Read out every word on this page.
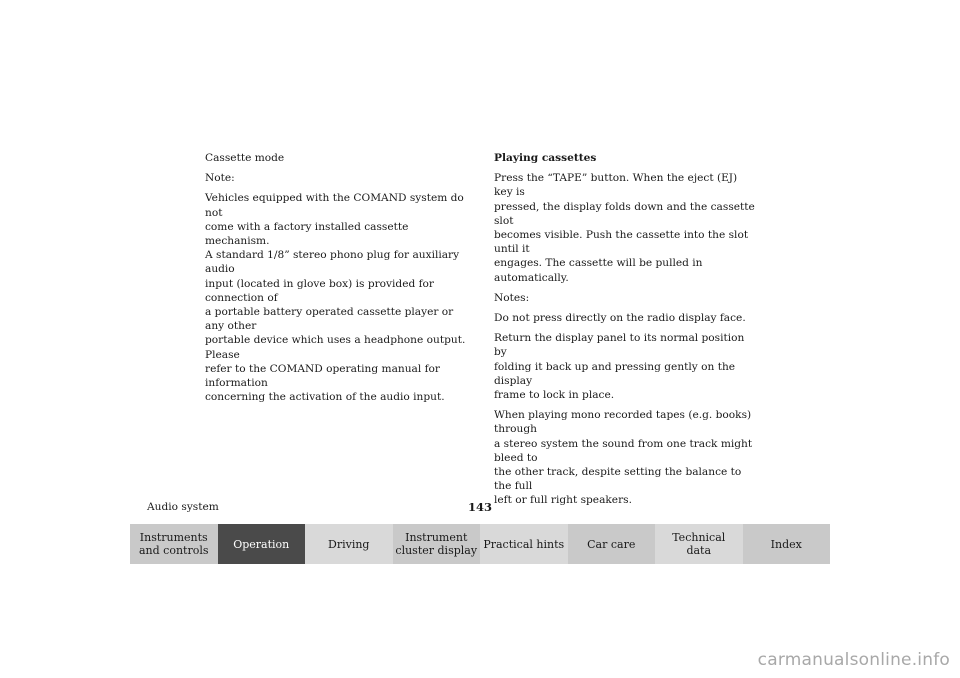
Cassette mode

Note:

Vehicles equipped with the COMAND system do not
come with a factory installed cassette mechanism.
A standard 1/8” stereo phono plug for auxiliary audio
input (located in glove box) is provided for connection of
a portable battery operated cassette player or any other
portable device which uses a headphone output. Please
refer to the COMAND operating manual for information
concerning the activation of the audio input.

Playing cassettes

Press the “TAPE” button. When the eject (EJ) key is
pressed, the display folds down and the cassette slot
becomes visible. Push the cassette into the slot until it
engages. The cassette will be pulled in automatically.

Notes:

Do not press directly on the radio display face.

Return the display panel to its normal position by
folding it back up and pressing gently on the display
frame to lock in place.

When playing mono recorded tapes (e.g. books) through
a stereo system the sound from one track might bleed to
the other track, despite setting the balance to the full
left or full right speakers.

Audio system	143
Instruments
and controls	Operation	Driving	Instrument
cluster display Practical hints	Car care	Technical
data	Index
carmanualsonline.info
